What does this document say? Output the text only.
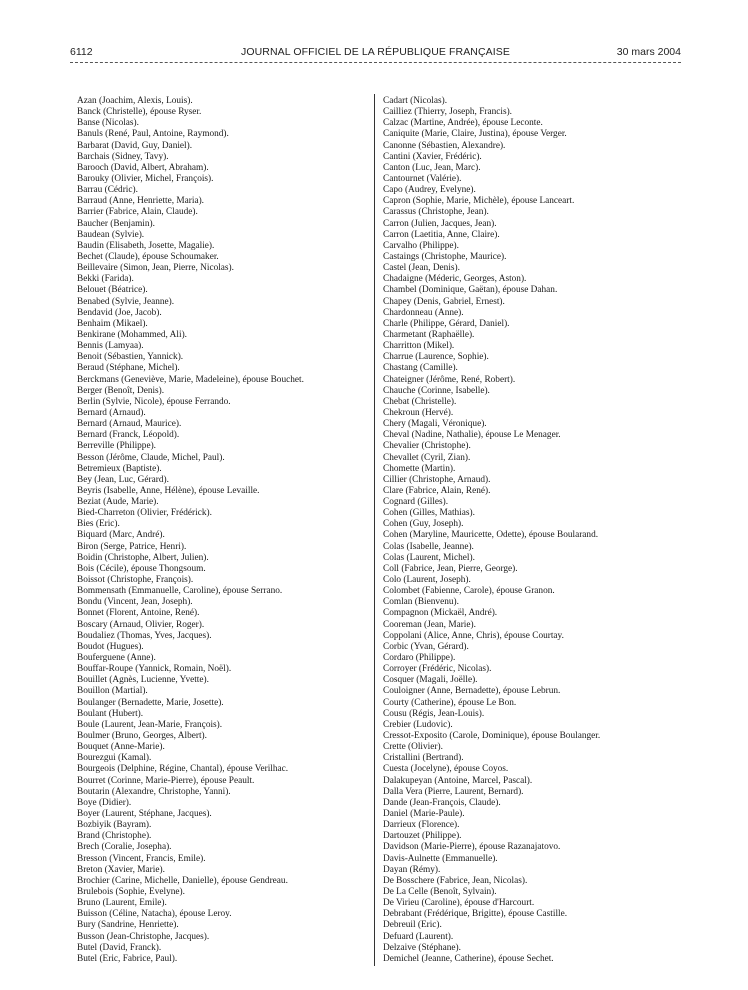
6112	JOURNAL OFFICIEL DE LA RÉPUBLIQUE FRANÇAISE	30 mars 2004
Azan (Joachim, Alexis, Louis).
Banck (Christelle), épouse Ryser.
Banse (Nicolas).
Banuls (René, Paul, Antoine, Raymond).
Barbarat (David, Guy, Daniel).
Barchais (Sidney, Tavy).
Barooch (David, Albert, Abraham).
Barouky (Olivier, Michel, François).
Barrau (Cédric).
Barraud (Anne, Henriette, Maria).
Barrier (Fabrice, Alain, Claude).
Baucher (Benjamin).
Baudean (Sylvie).
Baudin (Elisabeth, Josette, Magalie).
Bechet (Claude), épouse Schoumaker.
Beillevaire (Simon, Jean, Pierre, Nicolas).
Bekki (Farida).
Belouet (Béatrice).
Benabed (Sylvie, Jeanne).
Bendavid (Joe, Jacob).
Benhaim (Mikael).
Benkirane (Mohammed, Ali).
Bennis (Lamyaa).
Benoit (Sébastien, Yannick).
Beraud (Stéphane, Michel).
Berckmans (Geneviève, Marie, Madeleine), épouse Bouchet.
Berger (Benoît, Denis).
Berlin (Sylvie, Nicole), épouse Ferrando.
Bernard (Arnaud).
Bernard (Arnaud, Maurice).
Bernard (Franck, Léopold).
Berreville (Philippe).
Besson (Jérôme, Claude, Michel, Paul).
Betremieux (Baptiste).
Bey (Jean, Luc, Gérard).
Beyris (Isabelle, Anne, Hélène), épouse Levaille.
Beziat (Aude, Marie).
Bied-Charreton (Olivier, Frédérick).
Bies (Eric).
Biquard (Marc, André).
Biron (Serge, Patrice, Henri).
Boidin (Christophe, Albert, Julien).
Bois (Cécile), épouse Thongsoum.
Boissot (Christophe, François).
Bommensath (Emmanuelle, Caroline), épouse Serrano.
Bondu (Vincent, Jean, Joseph).
Bonnet (Florent, Antoine, René).
Boscary (Arnaud, Olivier, Roger).
Boudaliez (Thomas, Yves, Jacques).
Boudot (Hugues).
Bouferguene (Anne).
Bouffar-Roupe (Yannick, Romain, Noël).
Bouillet (Agnès, Lucienne, Yvette).
Bouillon (Martial).
Boulanger (Bernadette, Marie, Josette).
Boulant (Hubert).
Boule (Laurent, Jean-Marie, François).
Boulmer (Bruno, Georges, Albert).
Bouquet (Anne-Marie).
Bourezgui (Kamal).
Bourgeois (Delphine, Régine, Chantal), épouse Verilhac.
Bourret (Corinne, Marie-Pierre), épouse Peault.
Boutarin (Alexandre, Christophe, Yanni).
Boye (Didier).
Boyer (Laurent, Stéphane, Jacques).
Bozbiyik (Bayram).
Brand (Christophe).
Brech (Coralie, Josepha).
Bresson (Vincent, Francis, Emile).
Breton (Xavier, Marie).
Brochier (Carine, Michelle, Danielle), épouse Gendreau.
Brulebois (Sophie, Evelyne).
Bruno (Laurent, Emile).
Buisson (Céline, Natacha), épouse Leroy.
Bury (Sandrine, Henriette).
Busson (Jean-Christophe, Jacques).
Butel (David, Franck).
Butel (Eric, Fabrice, Paul).
Cadart (Nicolas).
Cailliez (Thierry, Joseph, Francis).
Calzac (Martine, Andrée), épouse Leconte.
Caniquite (Marie, Claire, Justina), épouse Verger.
Canonne (Sébastien, Alexandre).
Cantini (Xavier, Frédéric).
Canton (Luc, Jean, Marc).
Cantournet (Valérie).
Capo (Audrey, Evelyne).
Capron (Sophie, Marie, Michèle), épouse Lanceart.
Carassus (Christophe, Jean).
Carron (Julien, Jacques, Jean).
Carron (Laetitia, Anne, Claire).
Carvalho (Philippe).
Castaings (Christophe, Maurice).
Castel (Jean, Denis).
Chadaigne (Méderic, Georges, Aston).
Chambel (Dominique, Gaëtan), épouse Dahan.
Chapey (Denis, Gabriel, Ernest).
Chardonneau (Anne).
Charle (Philippe, Gérard, Daniel).
Charmetant (Raphaëlle).
Charritton (Mikel).
Charrue (Laurence, Sophie).
Chastang (Camille).
Chateigner (Jérôme, René, Robert).
Chauche (Corinne, Isabelle).
Chebat (Christelle).
Chekroun (Hervé).
Chery (Magali, Véronique).
Cheval (Nadine, Nathalie), épouse Le Menager.
Chevalier (Christophe).
Chevallet (Cyril, Zian).
Chomette (Martin).
Cillier (Christophe, Arnaud).
Clare (Fabrice, Alain, René).
Cognard (Gilles).
Cohen (Gilles, Mathias).
Cohen (Guy, Joseph).
Cohen (Maryline, Mauricette, Odette), épouse Boularand.
Colas (Isabelle, Jeanne).
Colas (Laurent, Michel).
Coll (Fabrice, Jean, Pierre, George).
Colo (Laurent, Joseph).
Colombet (Fabienne, Carole), épouse Granon.
Comlan (Bienvenu).
Compagnon (Mickaël, André).
Cooreman (Jean, Marie).
Coppolani (Alice, Anne, Chris), épouse Courtay.
Corbic (Yvan, Gérard).
Cordaro (Philippe).
Corroyer (Frédéric, Nicolas).
Cosquer (Magali, Joëlle).
Couloigner (Anne, Bernadette), épouse Lebrun.
Courty (Catherine), épouse Le Bon.
Cousu (Régis, Jean-Louis).
Crebier (Ludovic).
Cressot-Exposito (Carole, Dominique), épouse Boulanger.
Crette (Olivier).
Cristallini (Bertrand).
Cuesta (Jocelyne), épouse Coyos.
Dalakupeyan (Antoine, Marcel, Pascal).
Dalla Vera (Pierre, Laurent, Bernard).
Dande (Jean-François, Claude).
Daniel (Marie-Paule).
Darrieux (Florence).
Dartouzet (Philippe).
Davidson (Marie-Pierre), épouse Razanajatovo.
Davis-Aulnette (Emmanuelle).
Dayan (Rémy).
De Bosschere (Fabrice, Jean, Nicolas).
De La Celle (Benoît, Sylvain).
De Virieu (Caroline), épouse d'Harcourt.
Debrabant (Frédérique, Brigitte), épouse Castille.
Debreuil (Eric).
Defuard (Laurent).
Delzaive (Stéphane).
Demichel (Jeanne, Catherine), épouse Sechet.
